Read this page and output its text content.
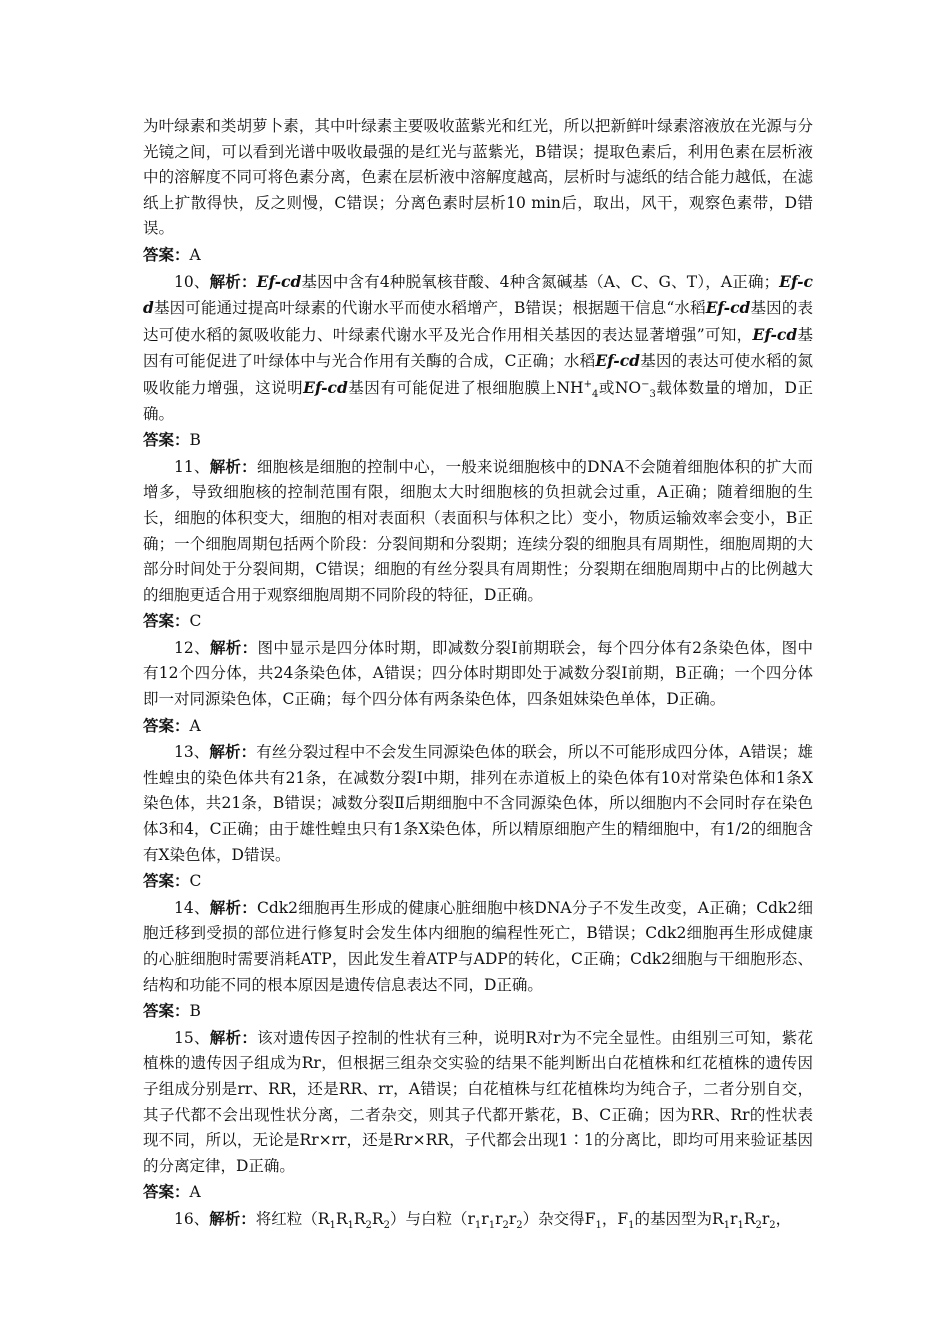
为叶绿素和类胡萝卜素，其中叶绿素主要吸收蓝紫光和红光，所以把新鲜叶绿素溶液放在光源与分光镜之间，可以看到光谱中吸收最强的是红光与蓝紫光，B错误；提取色素后，利用色素在层析液中的溶解度不同可将色素分离，色素在层析液中溶解度越高，层析时与滤纸的结合能力越低，在滤纸上扩散得快，反之则慢，C错误；分离色素时层析10 min后，取出，风干，观察色素带，D错误。

答案：A

10、解析：Ef-cd基因中含有4种脱氧核苷酸、4种含氮碱基（A、C、G、T），A正确；Ef-cd基因可能通过提高叶绿素的代谢水平而使水稻增产，B错误；根据题干信息“水稻Ef-cd基因的表达可使水稻的氮吸收能力、叶绿素代谢水平及光合作用相关基因的表达显著增强”可知，Ef-cd基因有可能促进了叶绿体中与光合作用有关酶的合成，C正确；水稻Ef-cd基因的表达可使水稻的氮吸收能力增强，这说明Ef-cd基因有可能促进了根细胞膜上$NH^+_4$或$NO^-_3$载体数量的增加，D正确。

答案：B

11、解析：细胞核是细胞的控制中心，一般来说细胞核中的DNA不会随着细胞体积的扩大而增多，导致细胞核的控制范围有限，细胞太大时细胞核的负担就会过重，A正确；随着细胞的生长，细胞的体积变大，细胞的相对表面积（表面积与体积之比）变小，物质运输效率会变小，B正确；一个细胞周期包括两个阶段：分裂间期和分裂期；连续分裂的细胞具有周期性，细胞周期的大部分时间处于分裂间期，C错误；细胞的有丝分裂具有周期性；分裂期在细胞周期中占的比例越大的细胞更适合用于观察细胞周期不同阶段的特征，D正确。

答案：C

12、解析：图中显示是四分体时期，即减数分裂Ⅰ前期联会，每个四分体有2条染色体，图中有12个四分体，共24条染色体，A错误；四分体时期即处于减数分裂Ⅰ前期，B正确；一个四分体即一对同源染色体，C正确；每个四分体有两条染色体，四条姐妹染色单体，D正确。

答案：A

13、解析：有丝分裂过程中不会发生同源染色体的联会，所以不可能形成四分体，A错误；雄性蝗虫的染色体共有21条，在减数分裂Ⅰ中期，排列在赤道板上的染色体有10对常染色体和1条X染色体，共21条，B错误；减数分裂Ⅱ后期细胞中不含同源染色体，所以细胞内不会同时存在染色体3和4，C正确；由于雄性蝗虫只有1条X染色体，所以精原细胞产生的精细胞中，有1/2的细胞含有X染色体，D错误。

答案：C

14、解析：Cdk2细胞再生形成的健康心脏细胞中核DNA分子不发生改变，A正确；Cdk2细胞迁移到受损的部位进行修复时会发生体内细胞的编程性死亡，B错误；Cdk2细胞再生形成健康的心脏细胞时需要消耗ATP，因此发生着ATP与ADP的转化，C正确；Cdk2细胞与干细胞形态、结构和功能不同的根本原因是遗传信息表达不同，D正确。

答案：B

15、解析：该对遗传因子控制的性状有三种，说明R对r为不完全显性。由组别三可知，紫花植株的遗传因子组成为Rr，但根据三组杂交实验的结果不能判断出白花植株和红花植株的遗传因子组成分别是rr、RR，还是RR、rr，A错误；白花植株与红花植株均为纯合子，二者分别自交，其子代都不会出现性状分离，二者杂交，则其子代都开紫花，B、C正确；因为RR、Rr的性状表现不同，所以，无论是Rr×rr，还是Rr×RR，子代都会出现1∶1的分离比，即均可用来验证基因的分离定律，D正确。

答案：A

16、解析：将红粒$(R_1R_1R_2R_2)$与白粒$(r_1r_1r_2r_2)$杂交得$F_1$，$F_1$的基因型为$R_1r_1R_2r_2$，
